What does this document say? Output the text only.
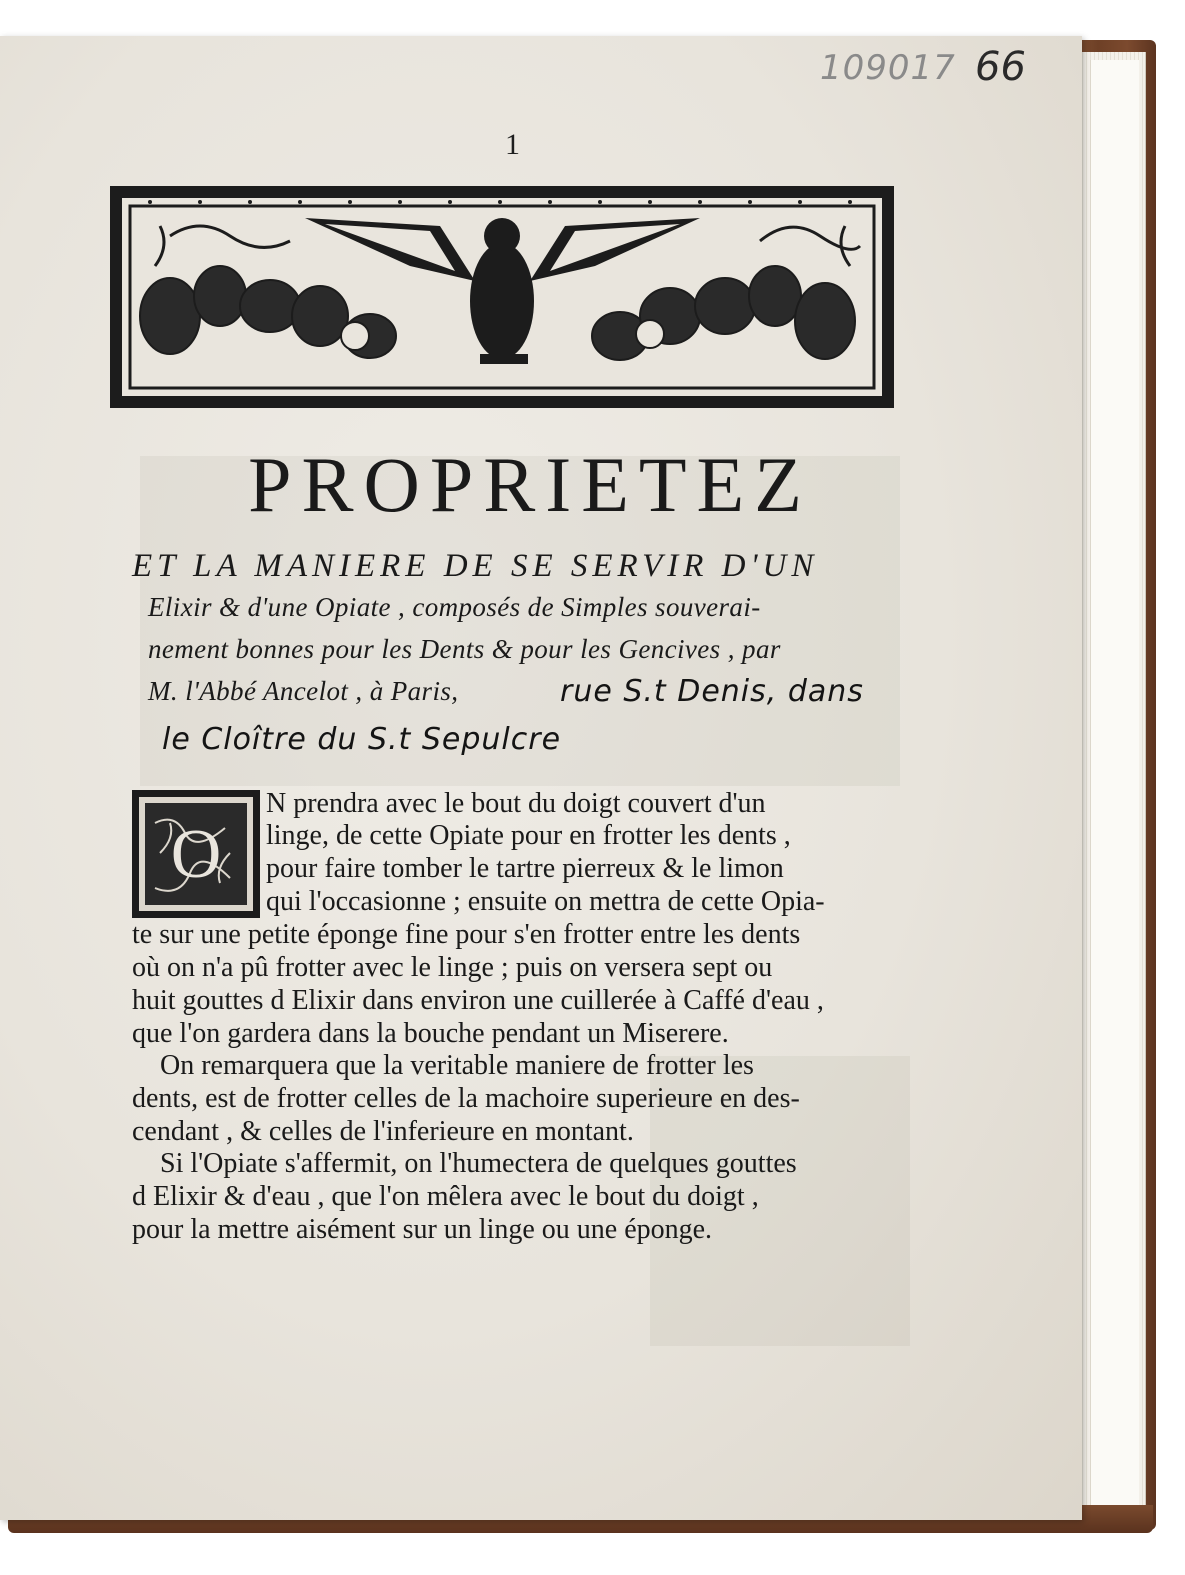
109017 66
1
PROPRIETEZ
ET LA MANIERE DE SE SERVIR D'UN
Elixir & d'une Opiate , composés de Simples souverai-
nement bonnes pour les Dents & pour les Gencives , par
M. l'Abbé Ancelot , à Paris,	rue S.t Denis, dans
le Cloître du S.t Sepulcre
O
N prendra avec le bout du doigt couvert d'un
linge, de cette Opiate pour en frotter les dents ,
pour faire tomber le tartre pierreux & le limon
qui l'occasionne ; ensuite on mettra de cette Opia-
te sur une petite éponge fine pour s'en frotter entre les dents
où on n'a pû frotter avec le linge ; puis on versera sept ou
huit gouttes d Elixir dans environ une cuillerée à Caffé d'eau ,
que l'on gardera dans la bouche pendant un Miserere.
On remarquera que la veritable maniere de frotter les
dents, est de frotter celles de la machoire superieure en des-
cendant , & celles de l'inferieure en montant.
Si l'Opiate s'affermit, on l'humectera de quelques gouttes
d Elixir & d'eau , que l'on mêlera avec le bout du doigt ,
pour la mettre aisément sur un linge ou une éponge.
